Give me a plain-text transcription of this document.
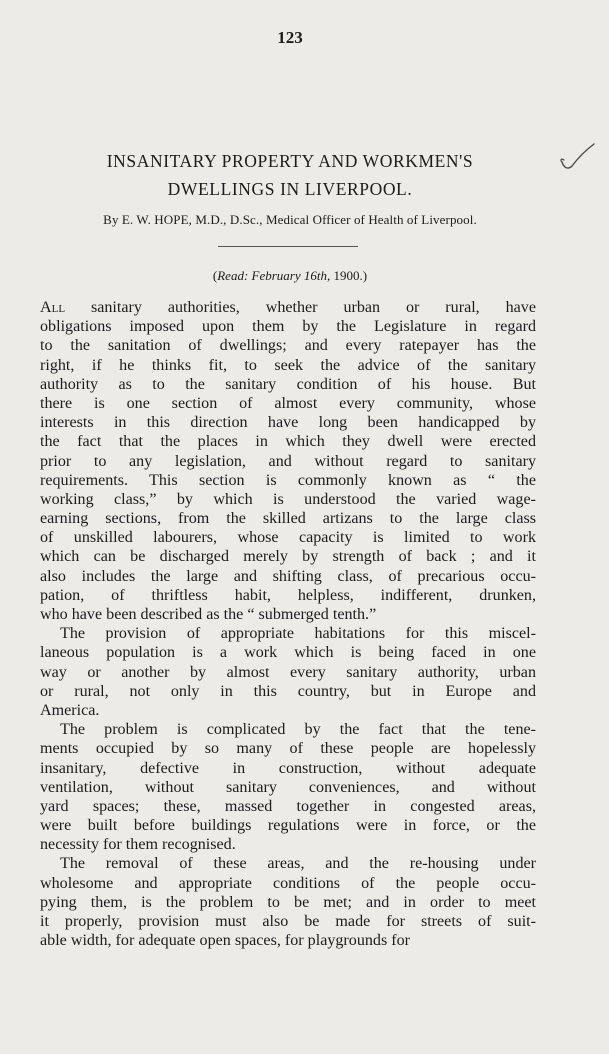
123
INSANITARY PROPERTY AND WORKMEN'S
DWELLINGS IN LIVERPOOL.
By E. W. HOPE, M.D., D.Sc., Medical Officer of Health of Liverpool.
(Read: February 16th, 1900.)
All sanitary authorities, whether urban or rural, have
obligations imposed upon them by the Legislature in regard
to the sanitation of dwellings; and every ratepayer has the
right, if he thinks fit, to seek the advice of the sanitary
authority as to the sanitary condition of his house. But
there is one section of almost every community, whose
interests in this direction have long been handicapped by
the fact that the places in which they dwell were erected
prior to any legislation, and without regard to sanitary
requirements. This section is commonly known as “ the
working class,” by which is understood the varied wage-
earning sections, from the skilled artizans to the large class
of unskilled labourers, whose capacity is limited to work
which can be discharged merely by strength of back ; and it
also includes the large and shifting class, of precarious occu-
pation, of thriftless habit, helpless, indifferent, drunken,
who have been described as the “ submerged tenth.”
The provision of appropriate habitations for this miscel-
laneous population is a work which is being faced in one
way or another by almost every sanitary authority, urban
or rural, not only in this country, but in Europe and
America.
The problem is complicated by the fact that the tene-
ments occupied by so many of these people are hopelessly
insanitary, defective in construction, without adequate
ventilation, without sanitary conveniences, and without
yard spaces; these, massed together in congested areas,
were built before buildings regulations were in force, or the
necessity for them recognised.
The removal of these areas, and the re-housing under
wholesome and appropriate conditions of the people occu-
pying them, is the problem to be met; and in order to meet
it properly, provision must also be made for streets of suit-
able width, for adequate open spaces, for playgrounds for
